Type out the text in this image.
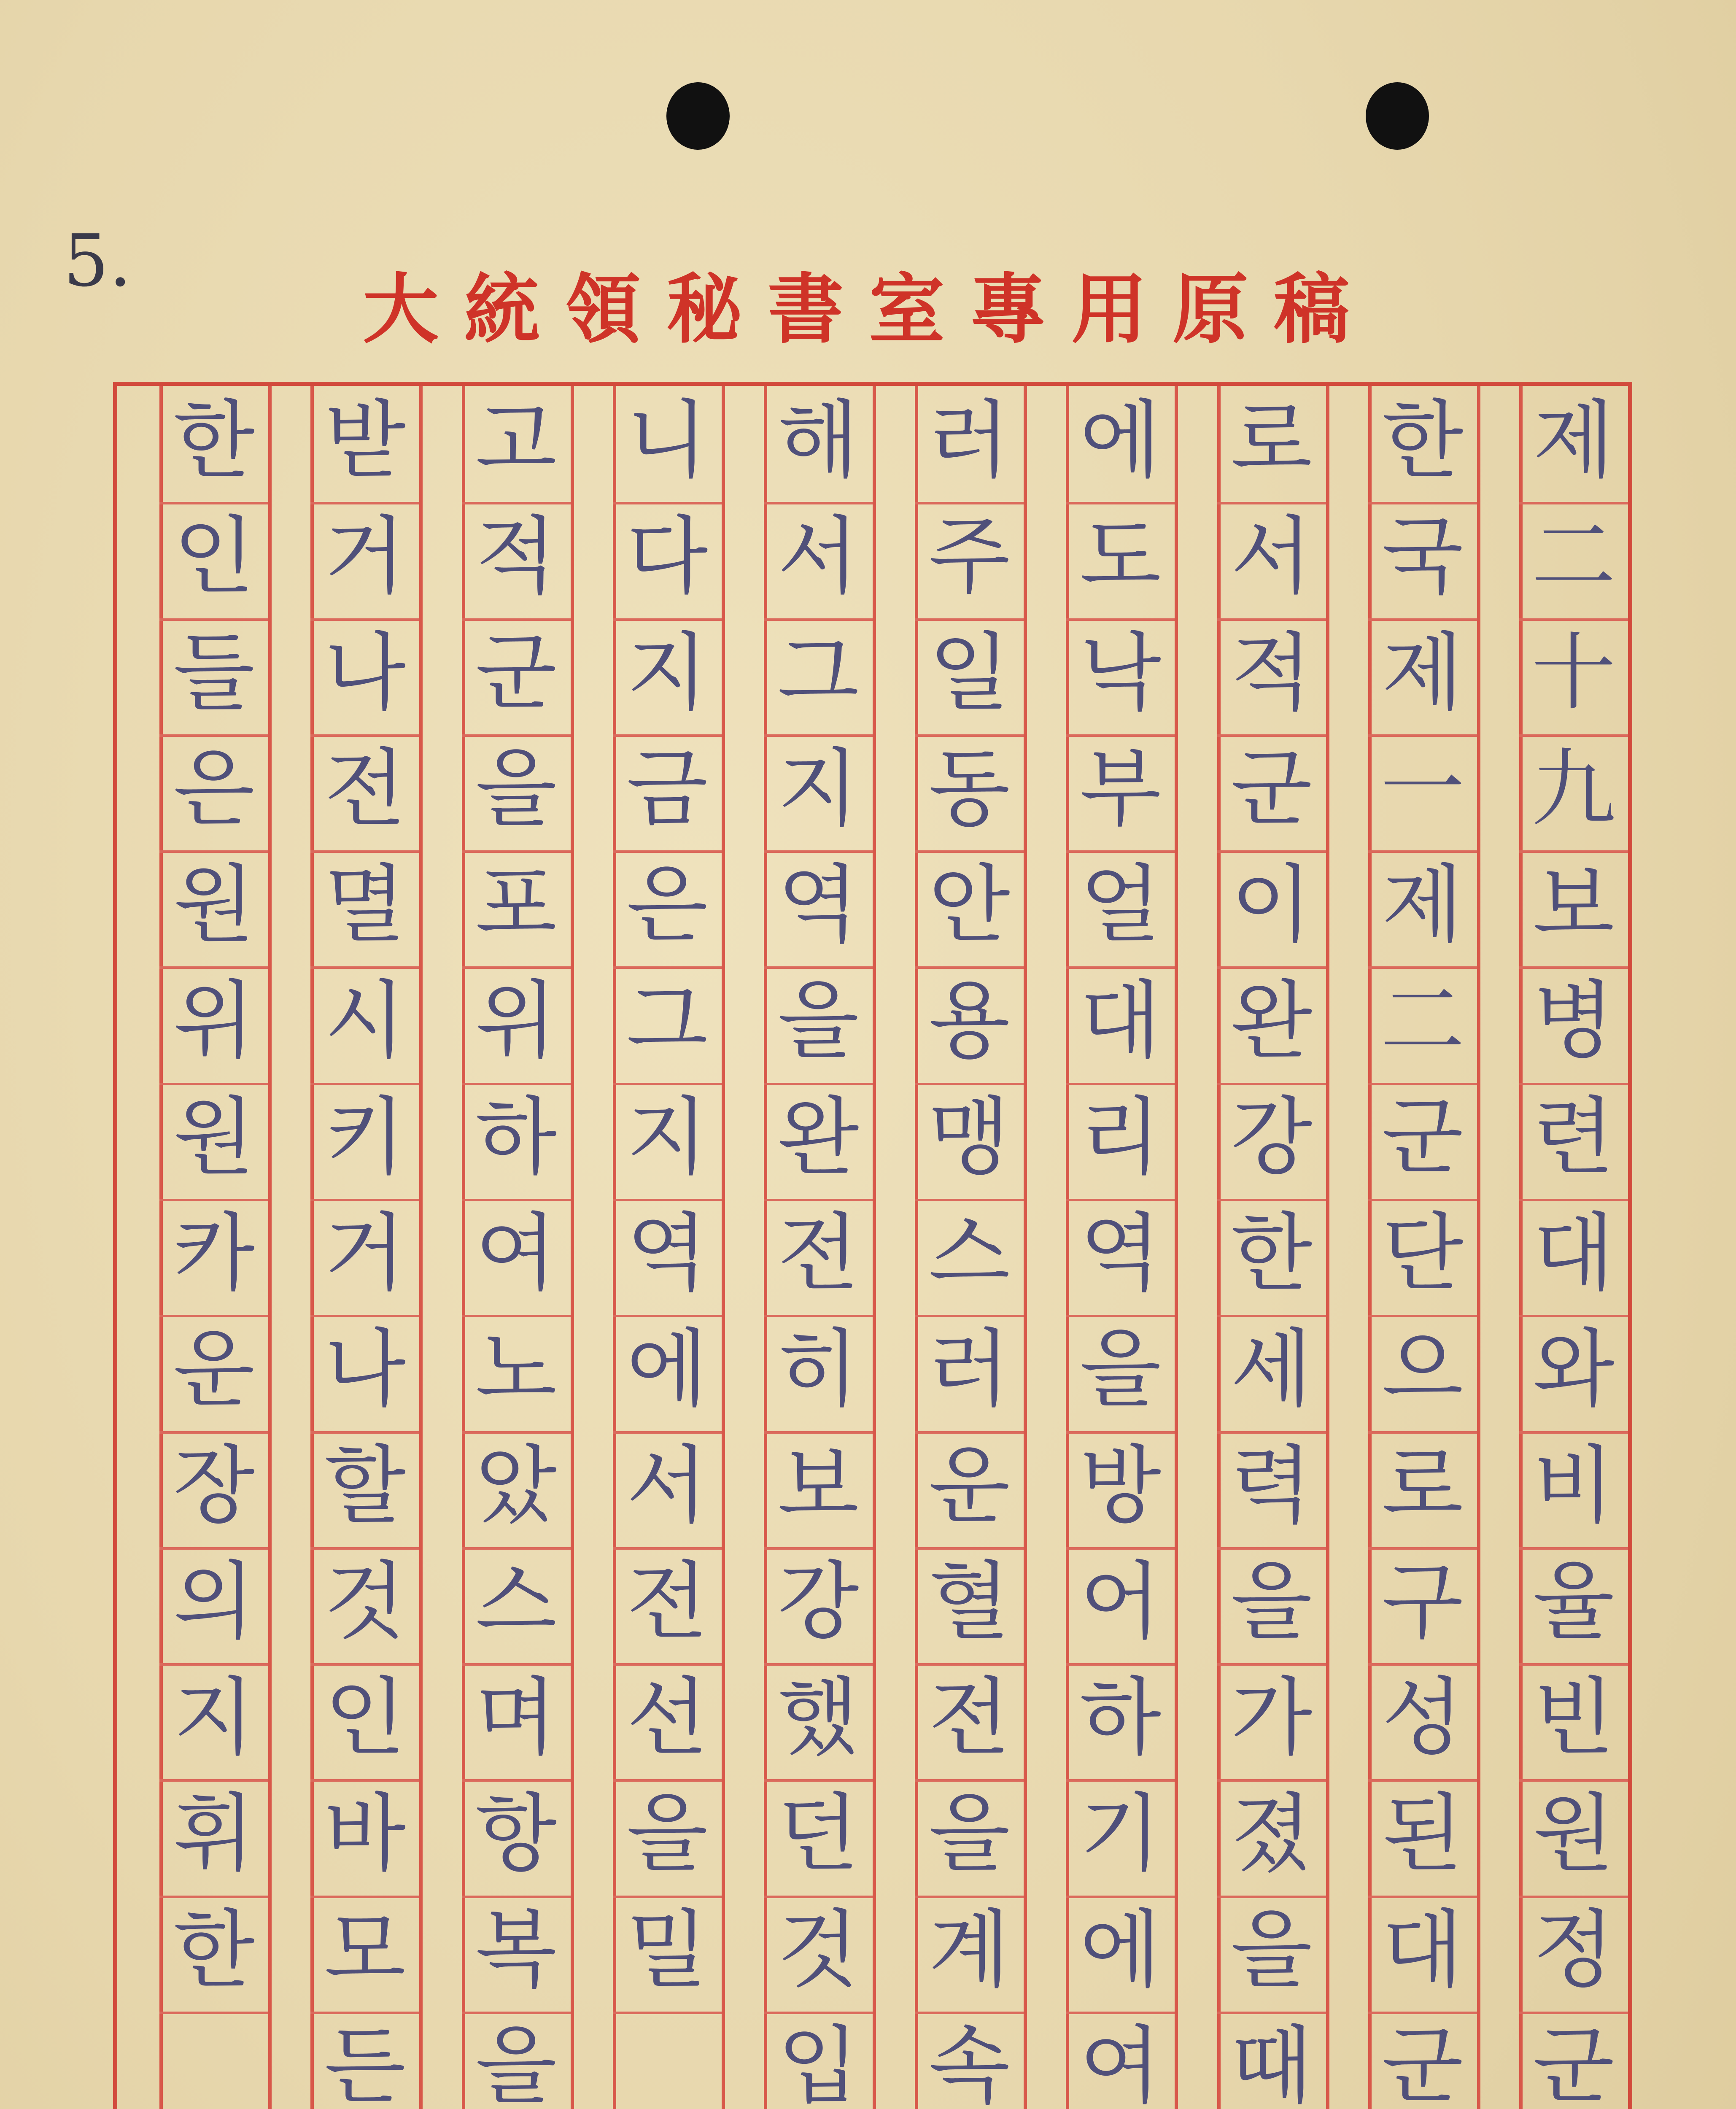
5.
大統領秘書室專用原稿
제
二
十
九
보
병
련
대
와
비
율
빈
원
정
군
한
국
제
一
제
二
군
단
으
로
구
성
된
대
군
로
서
적
군
이
완
강
한
세
력
을
가
졌
을
때
에
도
낙
부
얼
대
리
역
을
방
어
하
기
에
여
러
주
일
동
안
용
맹
스
러
운
혈
전
을
계
속
해
서
그
지
역
을
완
전
히
보
강
했
던
것
입
니
다
지
금
은
그
지
역
에
서
전
선
을
밀
고
적
군
을
포
위
하
여
노
았
스
며
항
복
을
받
거
나
전
멸
시
키
거
나
할
것
인
바
모
든
한
인
들
은
원
위
원
카
운
장
의
지
휘
한
